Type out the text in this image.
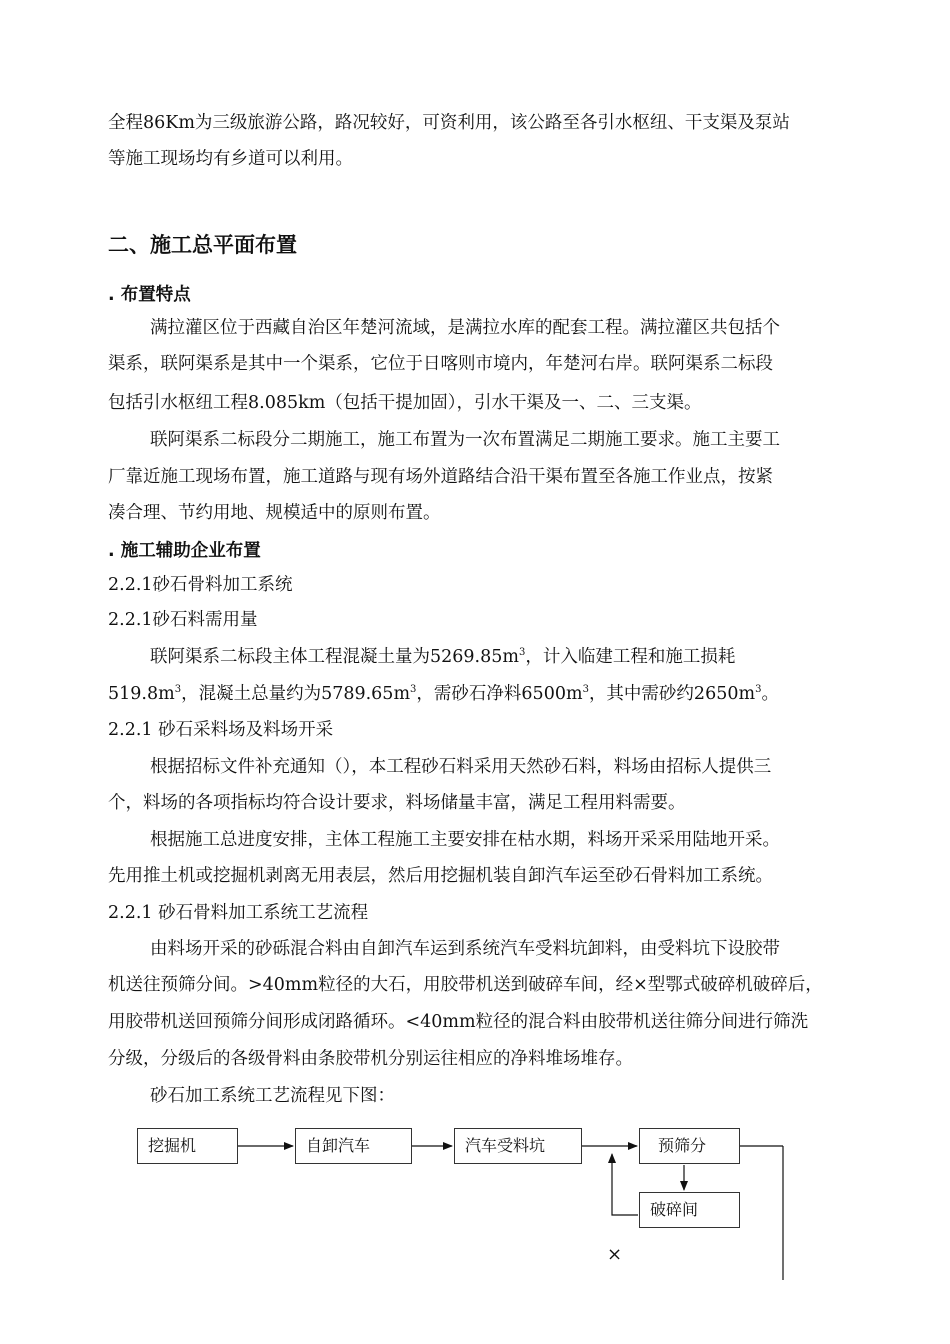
全程86Km为三级旅游公路，路况较好，可资利用，该公路至各引水枢纽、干支渠及泵站
等施工现场均有乡道可以利用。
二、施工总平面布置
. 布置特点
满拉灌区位于西藏自治区年楚河流域，是满拉水库的配套工程。满拉灌区共包括个
渠系，联阿渠系是其中一个渠系，它位于日喀则市境内，年楚河右岸。联阿渠系二标段
包括引水枢纽工程8.085km（包括干提加固），引水干渠及一、二、三支渠。
联阿渠系二标段分二期施工，施工布置为一次布置满足二期施工要求。施工主要工
厂靠近施工现场布置，施工道路与现有场外道路结合沿干渠布置至各施工作业点，按紧
凑合理、节约用地、规模适中的原则布置。
. 施工辅助企业布置
2.2.1砂石骨料加工系统
2.2.1砂石料需用量
联阿渠系二标段主体工程混凝土量为$5269.85m^3$，计入临建工程和施工损耗
$519.8m^3$，混凝土总量约为$5789.65m^3$，需砂石净料$6500m^3$，其中需砂约$2650m^3$。
2.2.1 砂石采料场及料场开采
根据招标文件补充通知（），本工程砂石料采用天然砂石料，料场由招标人提供三
个，料场的各项指标均符合设计要求，料场储量丰富，满足工程用料需要。
根据施工总进度安排，主体工程施工主要安排在枯水期，料场开采采用陆地开采。
先用推土机或挖掘机剥离无用表层，然后用挖掘机装自卸汽车运至砂石骨料加工系统。
2.2.1 砂石骨料加工系统工艺流程
由料场开采的砂砾混合料由自卸汽车运到系统汽车受料坑卸料，由受料坑下设胶带
机送往预筛分间。>40mm粒径的大石，用胶带机送到破碎车间，经×型鄂式破碎机破碎后，
用胶带机送回预筛分间形成闭路循环。<40mm粒径的混合料由胶带机送往筛分间进行筛洗
分级，分级后的各级骨料由条胶带机分别运往相应的净料堆场堆存。
砂石加工系统工艺流程见下图：
挖掘机	自卸汽车	汽车受料坑	预筛分
破碎间
×
